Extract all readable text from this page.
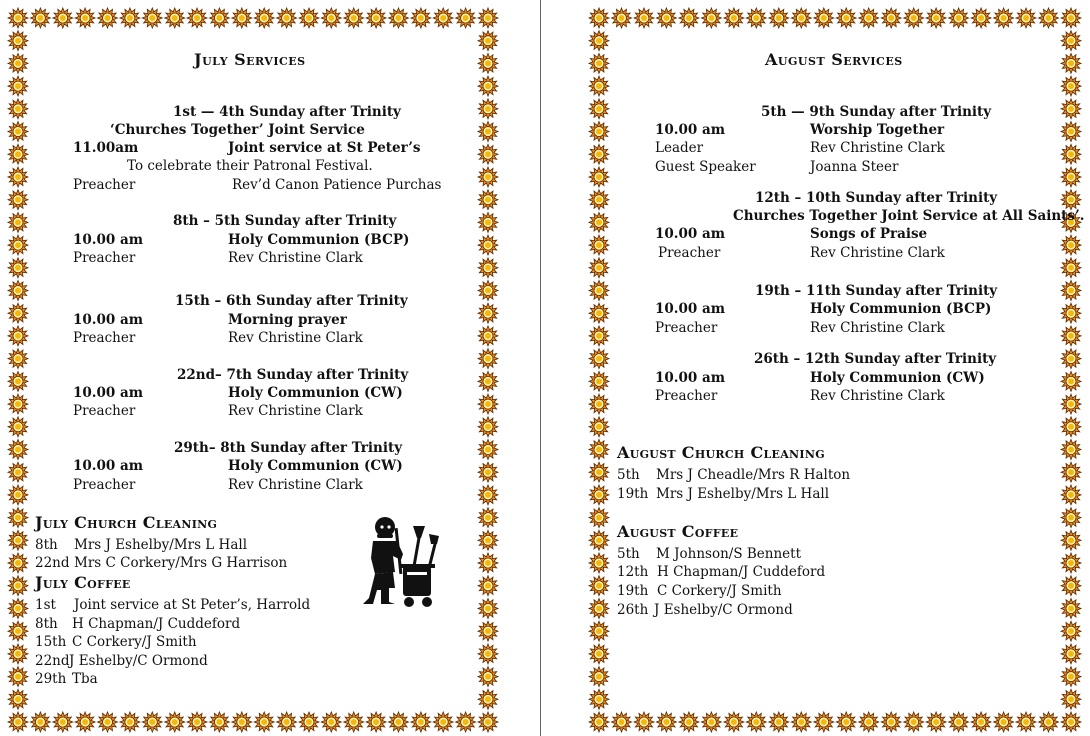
July Services
1st — 4th Sunday after Trinity
‘Churches Together’ Joint Service
11.00am	Joint service at St Peter’s
To celebrate their Patronal Festival.
Preacher	Rev’d Canon Patience Purchas
8th – 5th Sunday after Trinity
10.00 am	Holy Communion (BCP)
Preacher	Rev Christine Clark
15th – 6th Sunday after Trinity
10.00 am	Morning prayer
Preacher	Rev Christine Clark
22nd– 7th Sunday after Trinity
10.00 am	Holy Communion (CW)
Preacher	Rev Christine Clark
29th– 8th Sunday after Trinity
10.00 am	Holy Communion (CW)
Preacher	Rev Christine Clark
July Church Cleaning
8th Mrs J Eshelby/Mrs L Hall
22nd Mrs C Corkery/Mrs G Harrison
July Coffee
1st Joint service at St Peter’s, Harrold
8th H Chapman/J Cuddeford
15th C Corkery/J Smith
22nd J Eshelby/C Ormond
29th Tba
August Services
5th — 9th Sunday after Trinity
10.00 am	Worship Together
Leader	Rev Christine Clark
Guest Speaker	Joanna Steer
12th – 10th Sunday after Trinity
Churches Together Joint Service at All Saints’.
10.00 am	Songs of Praise
Preacher	Rev Christine Clark
19th – 11th Sunday after Trinity
10.00 am	Holy Communion (BCP)
Preacher	Rev Christine Clark
26th – 12th Sunday after Trinity
10.00 am	Holy Communion (CW)
Preacher	Rev Christine Clark
August Church Cleaning
5th Mrs J Cheadle/Mrs R Halton
19th Mrs J Eshelby/Mrs L Hall
August Coffee
5th M Johnson/S Bennett
12th H Chapman/J Cuddeford
19th C Corkery/J Smith
26th J Eshelby/C Ormond
